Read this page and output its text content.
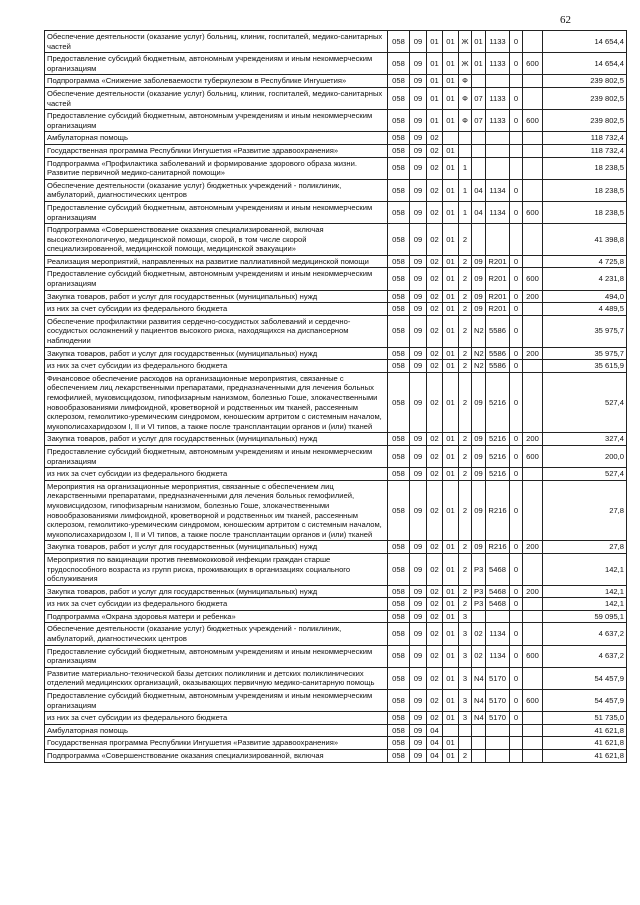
62
Обеспечение деятельности (оказание услуг) больниц, клиник, госпиталей, медико-санитарных частей	058	09	01	01	Ж	01	1133	0		14 654,4
Предоставление субсидий бюджетным, автономным учреждениям и иным некоммерческим организациям	058	09	01	01	Ж	01	1133	0	600	14 654,4
Подпрограмма «Снижение заболеваемости туберкулезом в Республике Ингушетия»	058	09	01	01	Ф					239 802,5
Обеспечение деятельности (оказание услуг) больниц, клиник, госпиталей, медико-санитарных частей	058	09	01	01	Ф	07	1133	0		239 802,5
Предоставление субсидий бюджетным, автономным учреждениям и иным некоммерческим организациям	058	09	01	01	Ф	07	1133	0	600	239 802,5
Амбулаторная помощь	058	09	02							118 732,4
Государственная программа Республики Ингушетия «Развитие здравоохранения»	058	09	02	01						118 732,4
Подпрограмма «Профилактика заболеваний и формирование здорового образа жизни. Развитие первичной медико-санитарной помощи»	058	09	02	01	1					18 238,5
Обеспечение деятельности (оказание услуг) бюджетных учреждений - поликлиник, амбулаторий, диагностических центров	058	09	02	01	1	04	1134	0		18 238,5
Предоставление субсидий бюджетным, автономным учреждениям и иным некоммерческим организациям	058	09	02	01	1	04	1134	0	600	18 238,5
Подпрограмма «Совершенствование оказания специализированной, включая высокотехнологичную, медицинской помощи, скорой, в том числе скорой специализированной, медицинской помощи, медицинской эвакуации»	058	09	02	01	2					41 398,8
Реализация мероприятий, направленных на развитие паллиативной медицинской помощи	058	09	02	01	2	09	R201	0		4 725,8
Предоставление субсидий бюджетным, автономным учреждениям и иным некоммерческим организациям	058	09	02	01	2	09	R201	0	600	4 231,8
Закупка товаров, работ и услуг для государственных (муниципальных) нужд	058	09	02	01	2	09	R201	0	200	494,0
из них за счет субсидии из федерального бюджета	058	09	02	01	2	09	R201	0		4 489,5
Обеспечение профилактики развития сердечно-сосудистых заболеваний и сердечно-сосудистых осложнений у пациентов высокого риска, находящихся на диспансерном наблюдении	058	09	02	01	2	N2	5586	0		35 975,7
Закупка товаров, работ и услуг для государственных (муниципальных) нужд	058	09	02	01	2	N2	5586	0	200	35 975,7
из них за счет субсидии из федерального бюджета	058	09	02	01	2	N2	5586	0		35 615,9
Финансовое обеспечение расходов на организационные мероприятия, связанные с обеспечением лиц лекарственными препаратами, предназначенными для лечения больных гемофилией, муковисцидозом, гипофизарным нанизмом, болезнью Гоше, злокачественными новообразованиями лимфоидной, кроветворной и родственных им тканей, рассеянным склерозом, гемолитико-уремическим синдромом, юношеским артритом с системным началом, мукополисахаридозом I, II и VI типов, а также после трансплантации органов и (или) тканей	058	09	02	01	2	09	5216	0		527,4
Закупка товаров, работ и услуг для государственных (муниципальных) нужд	058	09	02	01	2	09	5216	0	200	327,4
Предоставление субсидий бюджетным, автономным учреждениям и иным некоммерческим организациям	058	09	02	01	2	09	5216	0	600	200,0
из них за счет субсидии из федерального бюджета	058	09	02	01	2	09	5216	0		527,4
Мероприятия на организационные мероприятия, связанные с обеспечением лиц лекарственными препаратами, предназначенными для лечения больных гемофилией, муковисцидозом, гипофизарным нанизмом, болезнью Гоше, злокачественными новообразованиями лимфоидной, кроветворной и родственных им тканей, рассеянным склерозом, гемолитико-уремическим синдромом, юношеским артритом с системным началом, мукополисахаридозом I, II и VI типов, а также после трансплантации органов и (или) тканей	058	09	02	01	2	09	R216	0		27,8
Закупка товаров, работ и услуг для государственных (муниципальных) нужд	058	09	02	01	2	09	R216	0	200	27,8
Мероприятия по вакцинации против пневмококковой инфекции граждан старше трудоспособного возраста из групп риска, проживающих в организациях социального обслуживания	058	09	02	01	2	P3	5468	0		142,1
Закупка товаров, работ и услуг для государственных (муниципальных) нужд	058	09	02	01	2	P3	5468	0	200	142,1
из них за счет субсидии из федерального бюджета	058	09	02	01	2	P3	5468	0		142,1
Подпрограмма «Охрана здоровья матери и ребенка»	058	09	02	01	3					59 095,1
Обеспечение деятельности (оказание услуг) бюджетных учреждений - поликлиник, амбулаторий, диагностических центров	058	09	02	01	3	02	1134	0		4 637,2
Предоставление субсидий бюджетным, автономным учреждениям и иным некоммерческим организациям	058	09	02	01	3	02	1134	0	600	4 637,2
Развитие материально-технической базы детских поликлиник и детских поликлинических отделений медицинских организаций, оказывающих первичную медико-санитарную помощь	058	09	02	01	3	N4	5170	0		54 457,9
Предоставление субсидий бюджетным, автономным учреждениям и иным некоммерческим организациям	058	09	02	01	3	N4	5170	0	600	54 457,9
из них за счет субсидии из федерального бюджета	058	09	02	01	3	N4	5170	0		51 735,0
Амбулаторная помощь	058	09	04							41 621,8
Государственная программа Республики Ингушетия «Развитие здравоохранения»	058	09	04	01						41 621,8
Подпрограмма «Совершенствование оказания специализированной, включая	058	09	04	01	2					41 621,8
